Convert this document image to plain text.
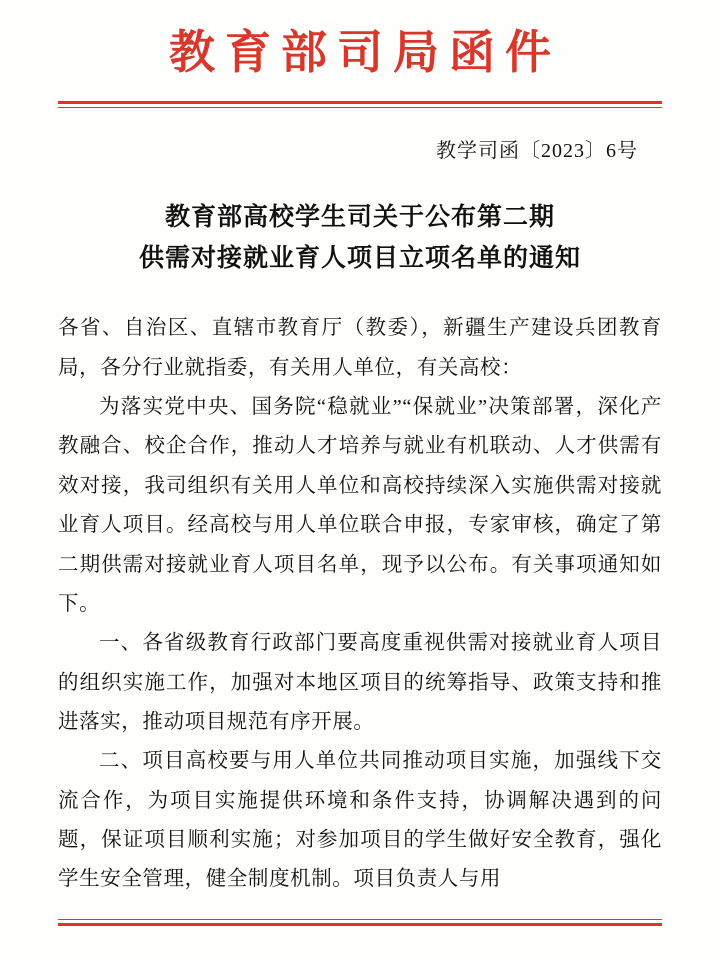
教育部司局函件
教学司函〔2023〕6号
教育部高校学生司关于公布第二期
供需对接就业育人项目立项名单的通知

各省、自治区、直辖市教育厅（教委），新疆生产建设兵团教育局，各分行业就指委，有关用人单位，有关高校：

为落实党中央、国务院“稳就业”“保就业”决策部署，深化产教融合、校企合作，推动人才培养与就业有机联动、人才供需有效对接，我司组织有关用人单位和高校持续深入实施供需对接就业育人项目。经高校与用人单位联合申报，专家审核，确定了第二期供需对接就业育人项目名单，现予以公布。有关事项通知如下。

一、各省级教育行政部门要高度重视供需对接就业育人项目的组织实施工作，加强对本地区项目的统筹指导、政策支持和推进落实，推动项目规范有序开展。

二、项目高校要与用人单位共同推动项目实施，加强线下交流合作，为项目实施提供环境和条件支持，协调解决遇到的问题，保证项目顺利实施；对参加项目的学生做好安全教育，强化学生安全管理，健全制度机制。项目负责人与用
